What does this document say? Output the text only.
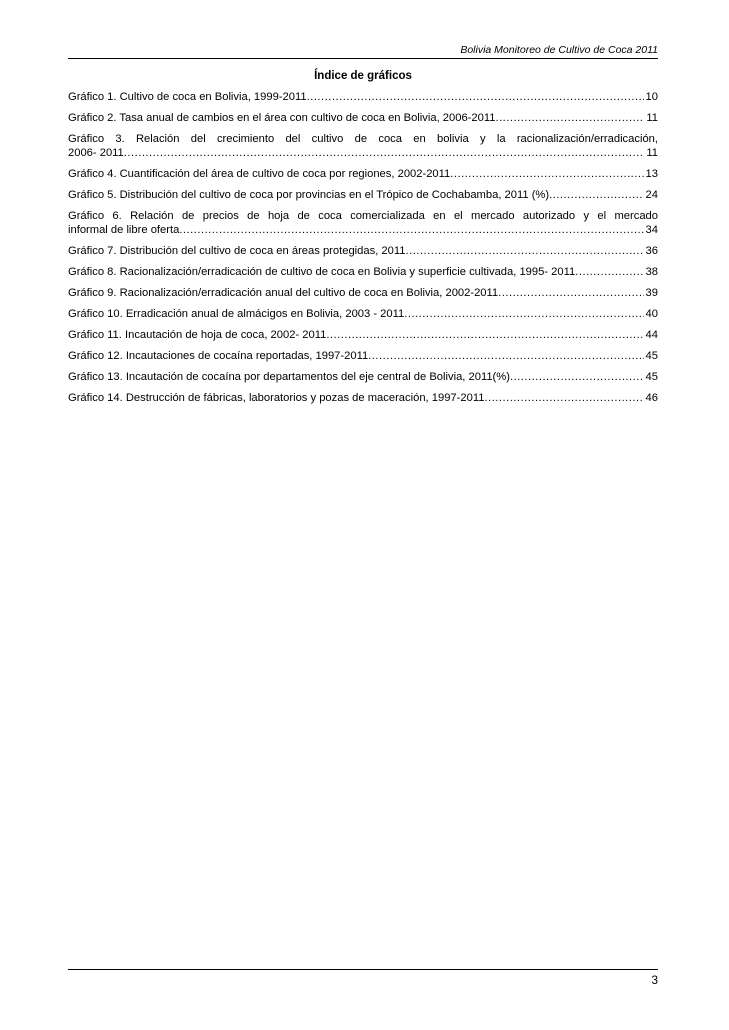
Bolivia Monitoreo de Cultivo de Coca 2011
Índice de gráficos
Gráfico 1. Cultivo de coca en Bolivia, 1999-2011 .....	10
Gráfico 2. Tasa anual de cambios en el área con cultivo de coca en Bolivia, 2006-2011 .....	11
Gráfico 3. Relación del crecimiento del cultivo de coca en bolivia y la racionalización/erradicación,
2006- 2011 .....	11
Gráfico 4. Cuantificación del área de cultivo de coca por regiones, 2002-2011 .....	13
Gráfico 5. Distribución del cultivo de coca por provincias en el Trópico de Cochabamba, 2011 (%) .....	24
Gráfico 6. Relación de precios de hoja de coca comercializada en el mercado autorizado y el mercado
informal de libre oferta .....	34
Gráfico 7. Distribución del cultivo de coca en áreas protegidas, 2011 .....	36
Gráfico 8. Racionalización/erradicación de cultivo de coca en Bolivia y superficie cultivada, 1995- 2011 .....	38
Gráfico 9. Racionalización/erradicación anual del cultivo de coca en Bolivia, 2002-2011 .....	39
Gráfico 10. Erradicación anual de almácigos en Bolivia, 2003 - 2011 .....	40
Gráfico 11. Incautación de hoja de coca, 2002- 2011 .....	44
Gráfico 12. Incautaciones de cocaína reportadas, 1997-2011 .....	45
Gráfico 13. Incautación de cocaína por departamentos del eje central de Bolivia, 2011(%) .....	45
Gráfico 14. Destrucción de fábricas, laboratorios y pozas de maceración, 1997-2011 .....	46
3
